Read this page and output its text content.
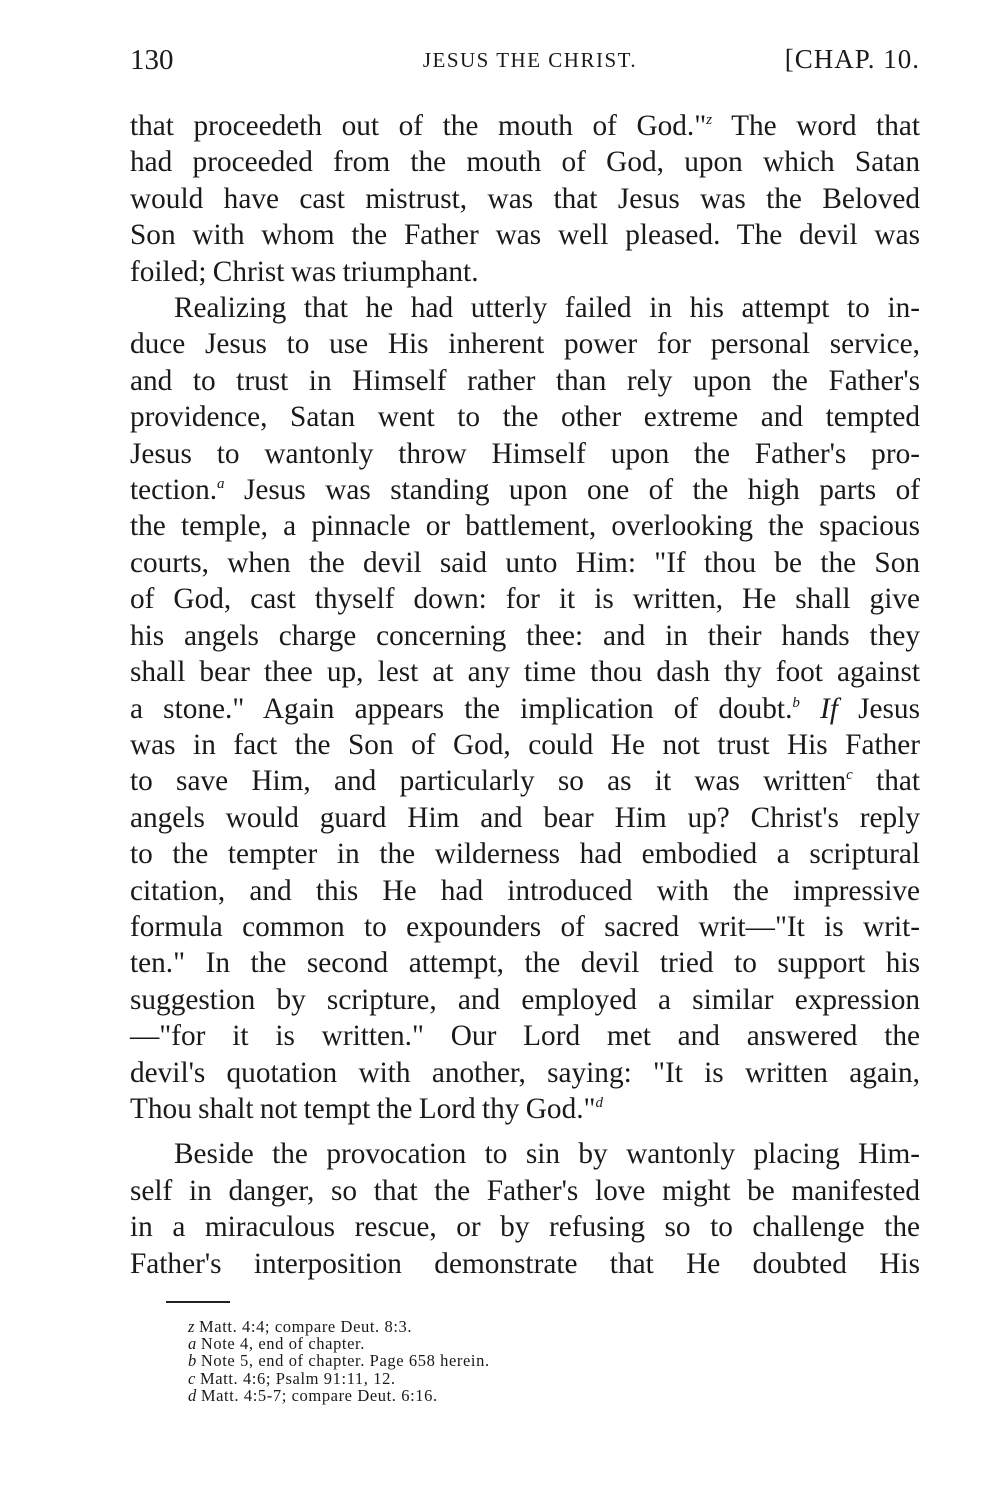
130	JESUS THE CHRIST.	[CHAP. 10.
that proceedeth out of the mouth of God."$^z$ The word that
had proceeded from the mouth of God, upon which Satan
would have cast mistrust, was that Jesus was the Beloved
Son with whom the Father was well pleased. The devil was
foiled; Christ was triumphant.
Realizing that he had utterly failed in his attempt to in-
duce Jesus to use His inherent power for personal service,
and to trust in Himself rather than rely upon the Father's
providence, Satan went to the other extreme and tempted
Jesus to wantonly throw Himself upon the Father's pro-
tection.$^a$ Jesus was standing upon one of the high parts of
the temple, a pinnacle or battlement, overlooking the spacious
courts, when the devil said unto Him: "If thou be the Son
of God, cast thyself down: for it is written, He shall give
his angels charge concerning thee: and in their hands they
shall bear thee up, lest at any time thou dash thy foot against
a stone." Again appears the implication of doubt.$^b$ If Jesus
was in fact the Son of God, could He not trust His Father
to save Him, and particularly so as it was written$^c$ that
angels would guard Him and bear Him up? Christ's reply
to the tempter in the wilderness had embodied a scriptural
citation, and this He had introduced with the impressive
formula common to expounders of sacred writ—"It is writ-
ten." In the second attempt, the devil tried to support his
suggestion by scripture, and employed a similar expression
—"for it is written." Our Lord met and answered the
devil's quotation with another, saying: "It is written again,
Thou shalt not tempt the Lord thy God."$^d$
Beside the provocation to sin by wantonly placing Him-
self in danger, so that the Father's love might be manifested
in a miraculous rescue, or by refusing so to challenge the
Father's interposition demonstrate that He doubted His
z Matt. 4:4; compare Deut. 8:3.
a Note 4, end of chapter.
b Note 5, end of chapter. Page 658 herein.
c Matt. 4:6; Psalm 91:11, 12.
d Matt. 4:5-7; compare Deut. 6:16.
